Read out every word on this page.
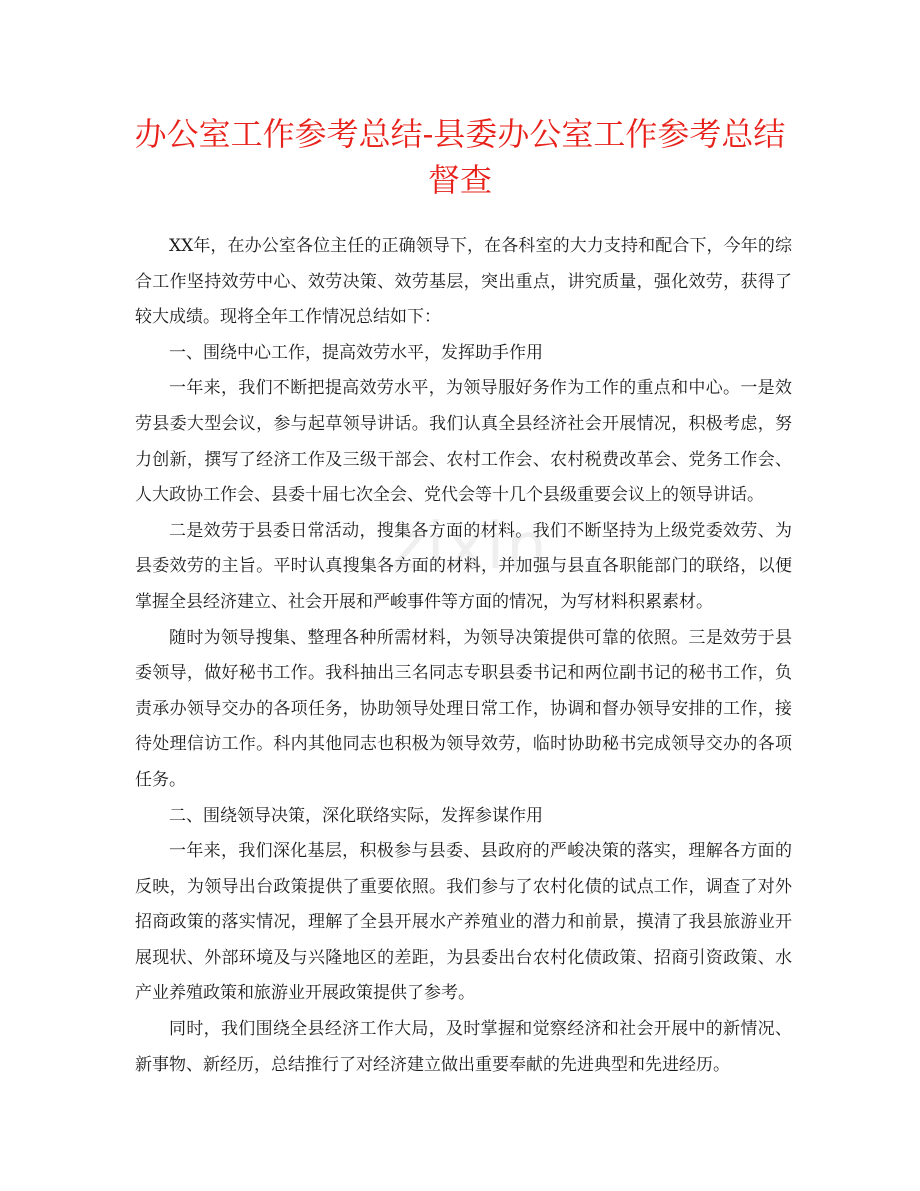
办公室工作参考总结-县委办公室工作参考总结
督查
zixin

XX年，在办公室各位主任的正确领导下，在各科室的大力支持和配合下，今年的综合工作坚持效劳中心、效劳决策、效劳基层，突出重点，讲究质量，强化效劳，获得了较大成绩。现将全年工作情况总结如下：

一、围绕中心工作，提高效劳水平，发挥助手作用

一年来，我们不断把提高效劳水平，为领导服好务作为工作的重点和中心。一是效劳县委大型会议，参与起草领导讲话。我们认真全县经济社会开展情况，积极考虑，努力创新，撰写了经济工作及三级干部会、农村工作会、农村税费改革会、党务工作会、人大政协工作会、县委十届七次全会、党代会等十几个县级重要会议上的领导讲话。

二是效劳于县委日常活动，搜集各方面的材料。我们不断坚持为上级党委效劳、为县委效劳的主旨。平时认真搜集各方面的材料，并加强与县直各职能部门的联络，以便掌握全县经济建立、社会开展和严峻事件等方面的情况，为写材料积累素材。

随时为领导搜集、整理各种所需材料，为领导决策提供可靠的依照。三是效劳于县委领导，做好秘书工作。我科抽出三名同志专职县委书记和两位副书记的秘书工作，负责承办领导交办的各项任务，协助领导处理日常工作，协调和督办领导安排的工作，接待处理信访工作。科内其他同志也积极为领导效劳，临时协助秘书完成领导交办的各项任务。

二、围绕领导决策，深化联络实际，发挥参谋作用

一年来，我们深化基层，积极参与县委、县政府的严峻决策的落实，理解各方面的反映，为领导出台政策提供了重要依照。我们参与了农村化债的试点工作，调查了对外招商政策的落实情况，理解了全县开展水产养殖业的潜力和前景，摸清了我县旅游业开展现状、外部环境及与兴隆地区的差距，为县委出台农村化债政策、招商引资政策、水产业养殖政策和旅游业开展政策提供了参考。

同时，我们围绕全县经济工作大局，及时掌握和觉察经济和社会开展中的新情况、新事物、新经历，总结推行了对经济建立做出重要奉献的先进典型和先进经历。
